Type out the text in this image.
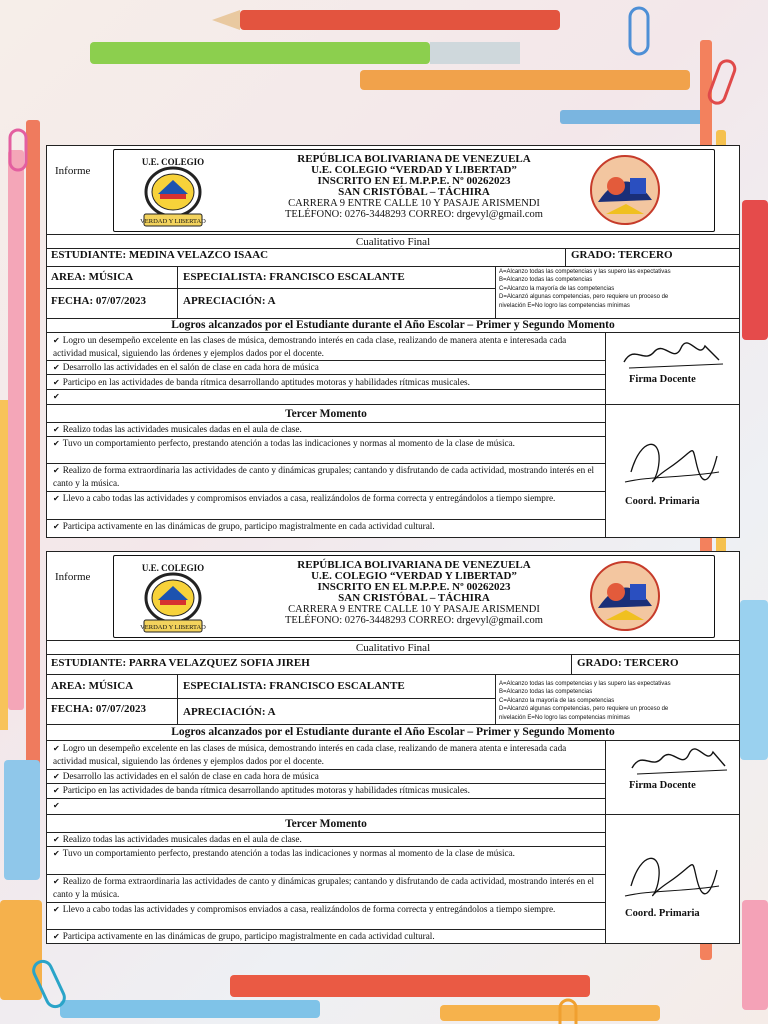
Informe
U.E. COLEGIO
VERDAD Y LIBERTAD
REPÚBLICA BOLIVARIANA DE VENEZUELA
U.E. COLEGIO “VERDAD Y LIBERTAD”
INSCRITO EN EL M.P.P.E. Nº 00262023
SAN CRISTÓBAL – TÁCHIRA
CARRERA 9 ENTRE CALLE 10 Y PASAJE ARISMENDI
TELÉFONO: 0276-3448293 CORREO: drgevyl@gmail.com
Cualitativo Final
ESTUDIANTE: MEDINA VELAZCO ISAAC	GRADO: TERCERO
AREA: MÚSICA	ESPECIALISTA: FRANCISCO ESCALANTE	A=Alcanzo todas las competencias y las supero las expectativas
B=Alcanzo todas las competencias
C=Alcanzo la mayoría de las competencias
D=Alcanzó algunas competencias, pero requiere un proceso de
nivelación E=No logro las competencias mínimas
FECHA: 07/07/2023	APRECIACIÓN: A
Logros alcanzados por el Estudiante durante el Año Escolar – Primer y Segundo Momento
✔ Logro un desempeño excelente en las clases de música, demostrando interés en cada clase, realizando de manera atenta e interesada cada actividad musical, siguiendo las órdenes y ejemplos dados por el docente.
✔ Desarrollo las actividades en el salón de clase en cada hora de música
✔ Participo en las actividades de banda rítmica desarrollando aptitudes motoras y habilidades rítmicas musicales.
✔
Firma Docente
Tercer Momento
✔ Realizo todas las actividades musicales dadas en el aula de clase.
✔ Tuvo un comportamiento perfecto, prestando atención a todas las indicaciones y normas al momento de la clase de música.
✔ Realizo de forma extraordinaria las actividades de canto y dinámicas grupales; cantando y disfrutando de cada actividad, mostrando interés en el canto y la música.
✔ Llevo a cabo todas las actividades y compromisos enviados a casa, realizándolos de forma correcta y entregándolos a tiempo siempre.
✔ Participa activamente en las dinámicas de grupo, participo magistralmente en cada actividad cultural.
Coord. Primaria
Informe
U.E. COLEGIO
VERDAD Y LIBERTAD
REPÚBLICA BOLIVARIANA DE VENEZUELA
U.E. COLEGIO “VERDAD Y LIBERTAD”
INSCRITO EN EL M.P.P.E. Nº 00262023
SAN CRISTÓBAL – TÁCHIRA
CARRERA 9 ENTRE CALLE 10 Y PASAJE ARISMENDI
TELÉFONO: 0276-3448293 CORREO: drgevyl@gmail.com
Cualitativo Final
ESTUDIANTE: PARRA VELAZQUEZ SOFIA JIREH	GRADO: TERCERO
AREA: MÚSICA	ESPECIALISTA: FRANCISCO ESCALANTE	A=Alcanzo todas las competencias y las supero las expectativas
B=Alcanzo todas las competencias
C=Alcanzo la mayoría de las competencias
D=Alcanzó algunas competencias, pero requiere un proceso de
nivelación E=No logro las competencias mínimas
FECHA: 07/07/2023	APRECIACIÓN: A
Logros alcanzados por el Estudiante durante el Año Escolar – Primer y Segundo Momento
✔ Logro un desempeño excelente en las clases de música, demostrando interés en cada clase, realizando de manera atenta e interesada cada actividad musical, siguiendo las órdenes y ejemplos dados por el docente.
✔ Desarrollo las actividades en el salón de clase en cada hora de música
✔ Participo en las actividades de banda rítmica desarrollando aptitudes motoras y habilidades rítmicas musicales.
✔
Firma Docente
Tercer Momento
✔ Realizo todas las actividades musicales dadas en el aula de clase.
✔ Tuvo un comportamiento perfecto, prestando atención a todas las indicaciones y normas al momento de la clase de música.
✔ Realizo de forma extraordinaria las actividades de canto y dinámicas grupales; cantando y disfrutando de cada actividad, mostrando interés en el canto y la música.
✔ Llevo a cabo todas las actividades y compromisos enviados a casa, realizándolos de forma correcta y entregándolos a tiempo siempre.
✔ Participa activamente en las dinámicas de grupo, participo magistralmente en cada actividad cultural.
Coord. Primaria
